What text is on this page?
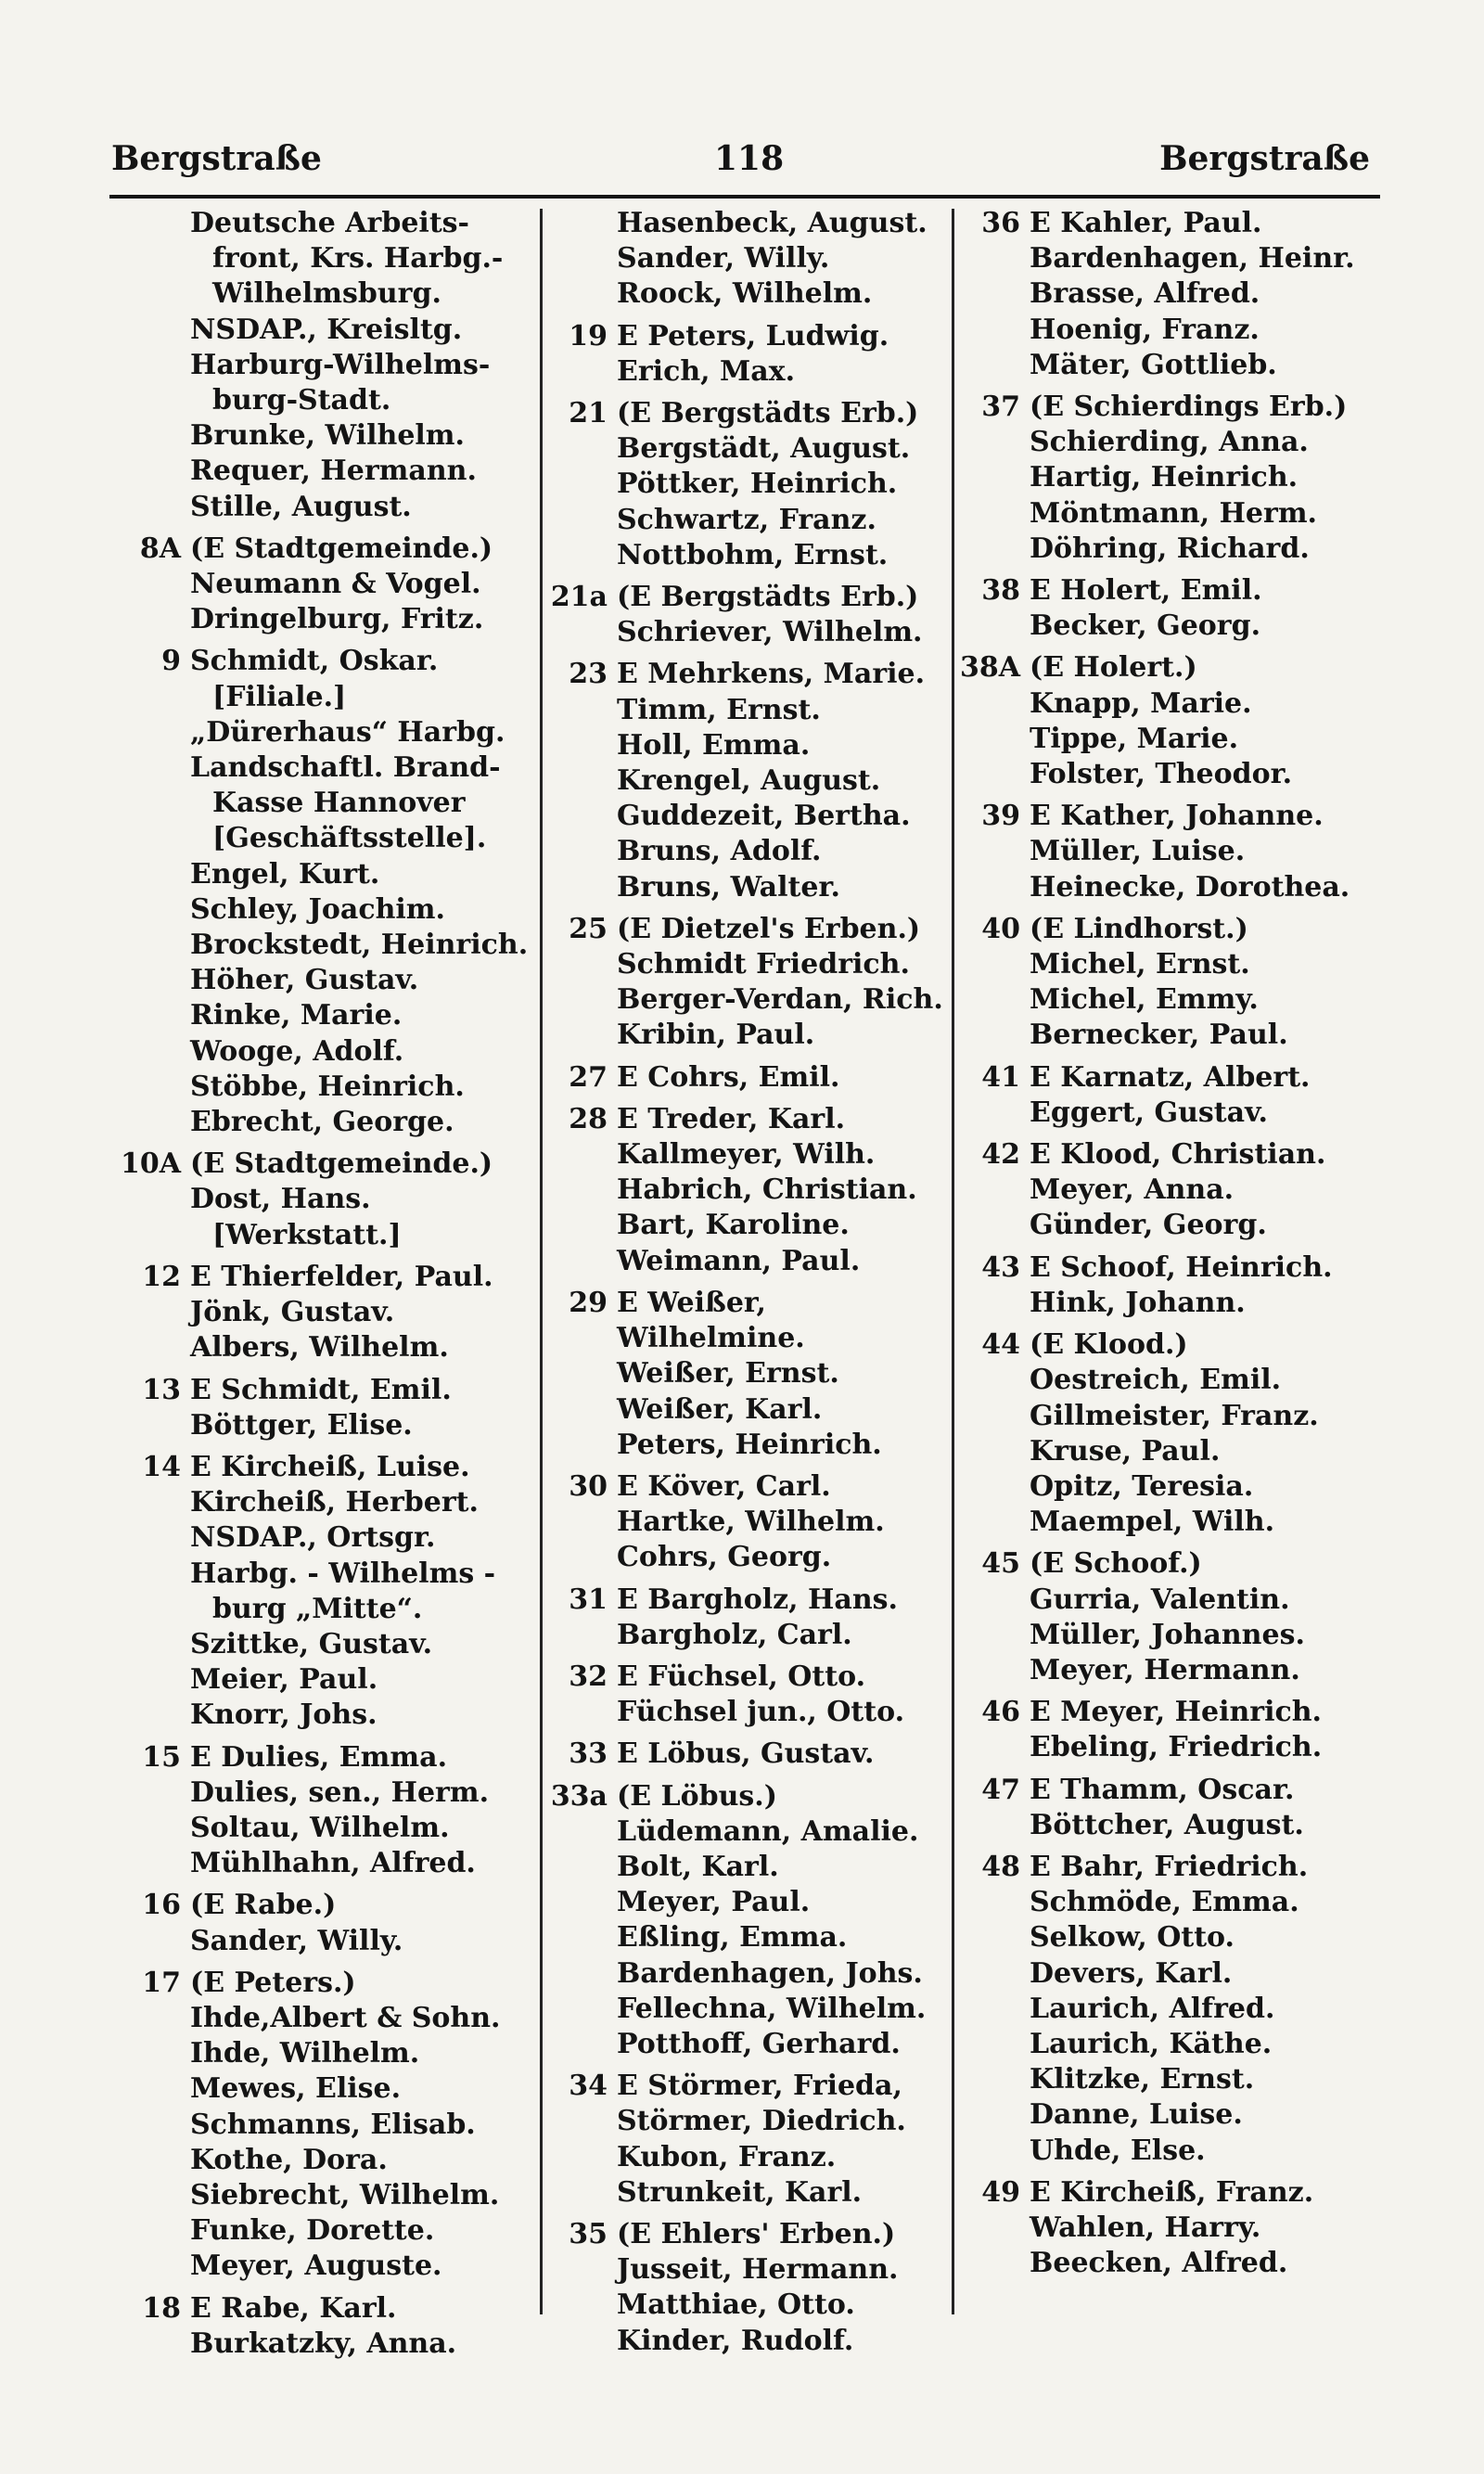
Bergstraße	118	Bergstraße
Deutsche Arbeits-
front, Krs. Harbg.-
Wilhelmsburg.
NSDAP., Kreisltg.
Harburg-Wilhelms-
burg-Stadt.
Brunke, Wilhelm.
Requer, Hermann.
Stille, August.
8A (E Stadtgemeinde.)
Neumann & Vogel.
Dringelburg, Fritz.
9 Schmidt, Oskar.
[Filiale.]
„Dürerhaus“ Harbg.
Landschaftl. Brand-
Kasse Hannover
[Geschäftsstelle].
Engel, Kurt.
Schley, Joachim.
Brockstedt, Heinrich.
Höher, Gustav.
Rinke, Marie.
Wooge, Adolf.
Stöbbe, Heinrich.
Ebrecht, George.
10A (E Stadtgemeinde.)
Dost, Hans.
[Werkstatt.]
12 E Thierfelder, Paul.
Jönk, Gustav.
Albers, Wilhelm.
13 E Schmidt, Emil.
Böttger, Elise.
14 E Kircheiß, Luise.
Kircheiß, Herbert.
NSDAP., Ortsgr.
Harbg. - Wilhelms -
burg „Mitte“.
Szittke, Gustav.
Meier, Paul.
Knorr, Johs.
15 E Dulies, Emma.
Dulies, sen., Herm.
Soltau, Wilhelm.
Mühlhahn, Alfred.
16 (E Rabe.)
Sander, Willy.
17 (E Peters.)
Ihde,Albert & Sohn.
Ihde, Wilhelm.
Mewes, Elise.
Schmanns, Elisab.
Kothe, Dora.
Siebrecht, Wilhelm.
Funke, Dorette.
Meyer, Auguste.
18 E Rabe, Karl.
Burkatzky, Anna.
Hasenbeck, August.
Sander, Willy.
Roock, Wilhelm.
19 E Peters, Ludwig.
Erich, Max.
21 (E Bergstädts Erb.)
Bergstädt, August.
Pöttker, Heinrich.
Schwartz, Franz.
Nottbohm, Ernst.
21a (E Bergstädts Erb.)
Schriever, Wilhelm.
23 E Mehrkens, Marie.
Timm, Ernst.
Holl, Emma.
Krengel, August.
Guddezeit, Bertha.
Bruns, Adolf.
Bruns, Walter.
25 (E Dietzel's Erben.)
Schmidt Friedrich.
Berger-Verdan, Rich.
Kribin, Paul.
27 E Cohrs, Emil.
28 E Treder, Karl.
Kallmeyer, Wilh.
Habrich, Christian.
Bart, Karoline.
Weimann, Paul.
29 E Weißer,
Wilhelmine.
Weißer, Ernst.
Weißer, Karl.
Peters, Heinrich.
30 E Köver, Carl.
Hartke, Wilhelm.
Cohrs, Georg.
31 E Bargholz, Hans.
Bargholz, Carl.
32 E Füchsel, Otto.
Füchsel jun., Otto.
33 E Löbus, Gustav.
33a (E Löbus.)
Lüdemann, Amalie.
Bolt, Karl.
Meyer, Paul.
Eßling, Emma.
Bardenhagen, Johs.
Fellechna, Wilhelm.
Potthoff, Gerhard.
34 E Störmer, Frieda,
Störmer, Diedrich.
Kubon, Franz.
Strunkeit, Karl.
35 (E Ehlers' Erben.)
Jusseit, Hermann.
Matthiae, Otto.
Kinder, Rudolf.
36 E Kahler, Paul.
Bardenhagen, Heinr.
Brasse, Alfred.
Hoenig, Franz.
Mäter, Gottlieb.
37 (E Schierdings Erb.)
Schierding, Anna.
Hartig, Heinrich.
Möntmann, Herm.
Döhring, Richard.
38 E Holert, Emil.
Becker, Georg.
38A (E Holert.)
Knapp, Marie.
Tippe, Marie.
Folster, Theodor.
39 E Kather, Johanne.
Müller, Luise.
Heinecke, Dorothea.
40 (E Lindhorst.)
Michel, Ernst.
Michel, Emmy.
Bernecker, Paul.
41 E Karnatz, Albert.
Eggert, Gustav.
42 E Klood, Christian.
Meyer, Anna.
Günder, Georg.
43 E Schoof, Heinrich.
Hink, Johann.
44 (E Klood.)
Oestreich, Emil.
Gillmeister, Franz.
Kruse, Paul.
Opitz, Teresia.
Maempel, Wilh.
45 (E Schoof.)
Gurria, Valentin.
Müller, Johannes.
Meyer, Hermann.
46 E Meyer, Heinrich.
Ebeling, Friedrich.
47 E Thamm, Oscar.
Böttcher, August.
48 E Bahr, Friedrich.
Schmöde, Emma.
Selkow, Otto.
Devers, Karl.
Laurich, Alfred.
Laurich, Käthe.
Klitzke, Ernst.
Danne, Luise.
Uhde, Else.
49 E Kircheiß, Franz.
Wahlen, Harry.
Beecken, Alfred.
